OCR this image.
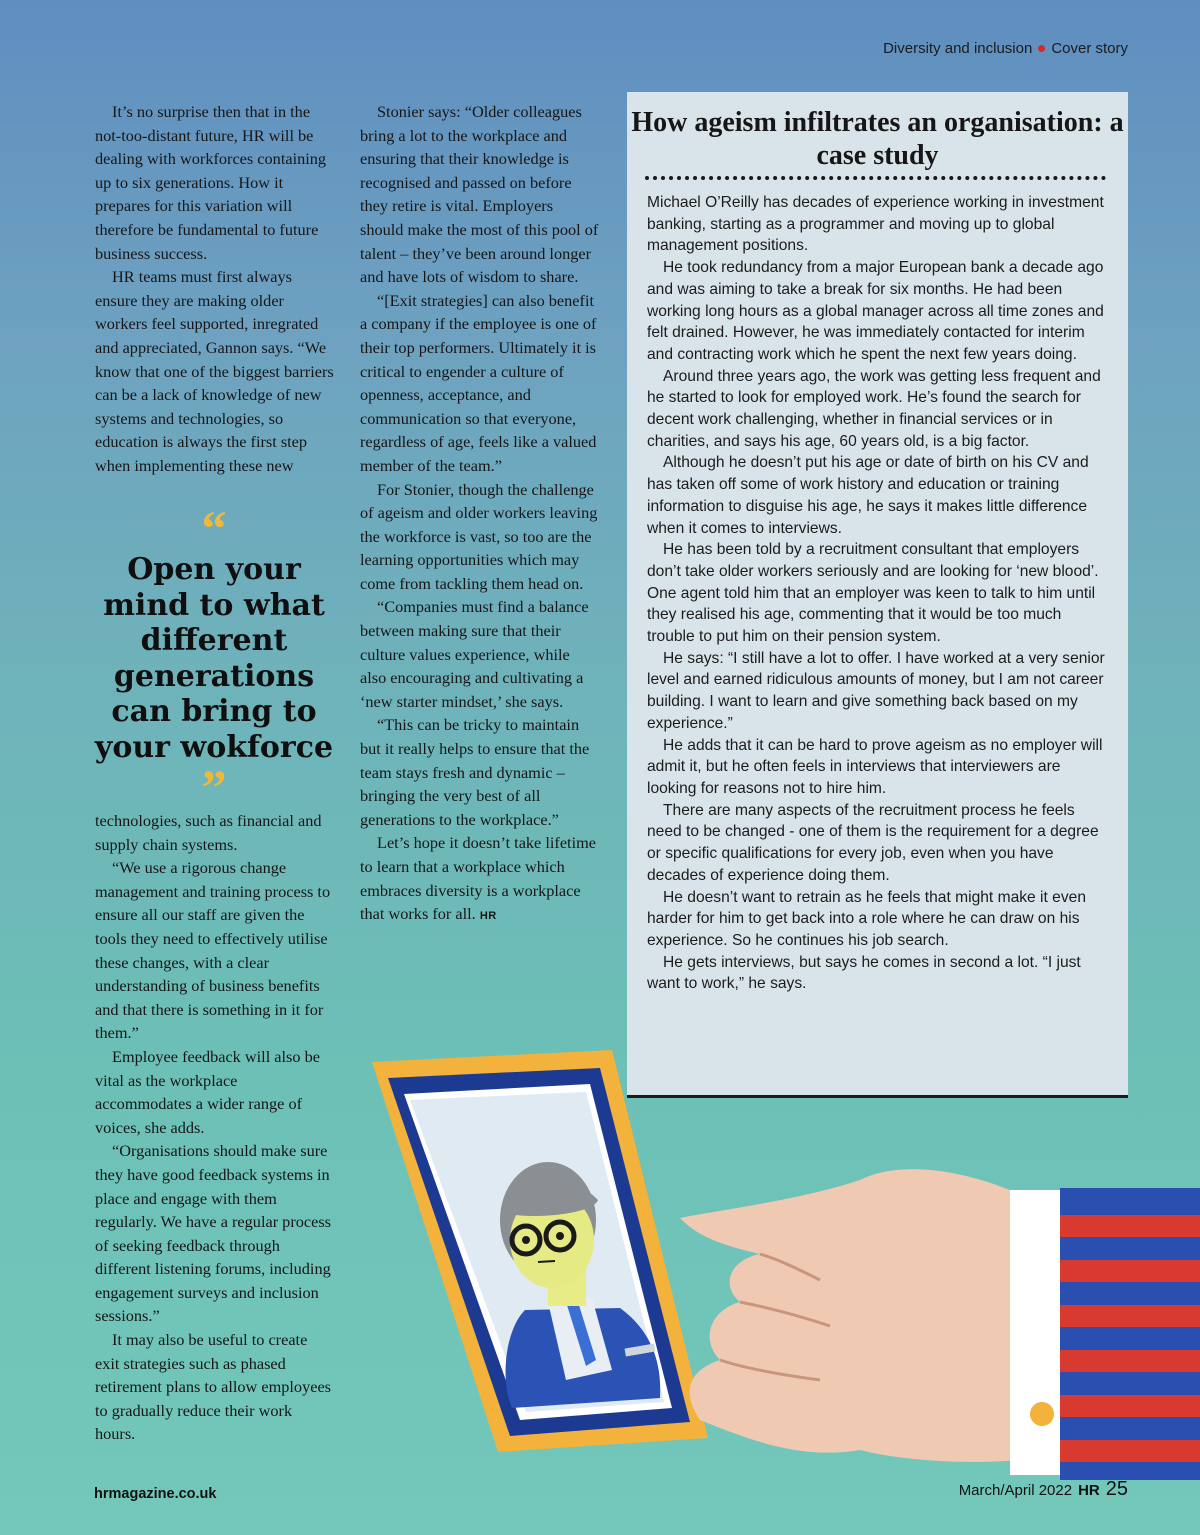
Diversity and inclusion Cover story

It’s no surprise then that in the not-too-distant future, HR will be dealing with workforces containing up to six generations. How it prepares for this variation will therefore be fundamental to future business success.

HR teams must first always ensure they are making older workers feel supported, inregrated and appreciated, Gannon says. “We know that one of the biggest barriers can be a lack of knowledge of new systems and technologies, so education is always the first step when implementing these new

“
Open your mind to what different generations can bring to your wokforce
”

technologies, such as financial and supply chain systems.

“We use a rigorous change management and training process to ensure all our staff are given the tools they need to effectively utilise these changes, with a clear understanding of business benefits and that there is something in it for them.”

Employee feedback will also be vital as the workplace accommodates a wider range of voices, she adds.

“Organisations should make sure they have good feedback systems in place and engage with them regularly. We have a regular process of seeking feedback through different listening forums, including engagement surveys and inclusion sessions.”

It may also be useful to create exit strategies such as phased retirement plans to allow employees to gradually reduce their work hours.

Stonier says: “Older colleagues bring a lot to the workplace and ensuring that their knowledge is recognised and passed on before they retire is vital. Employers should make the most of this pool of talent – they’ve been around longer and have lots of wisdom to share.

“[Exit strategies] can also benefit a company if the employee is one of their top performers. Ultimately it is critical to engender a culture of openness, acceptance, and communication so that everyone, regardless of age, feels like a valued member of the team.”

For Stonier, though the challenge of ageism and older workers leaving the workforce is vast, so too are the learning opportunities which may come from tackling them head on.

“Companies must find a balance between making sure that their culture values experience, while also encouraging and cultivating a ‘new starter mindset,’ she says.

“This can be tricky to maintain but it really helps to ensure that the team stays fresh and dynamic – bringing the very best of all generations to the workplace.”

Let’s hope it doesn’t take lifetime to learn that a workplace which embraces diversity is a workplace that works for all. HR

How ageism infiltrates an organisation: a case study

Michael O’Reilly has decades of experience working in investment banking, starting as a programmer and moving up to global management positions.

He took redundancy from a major European bank a decade ago and was aiming to take a break for six months. He had been working long hours as a global manager across all time zones and felt drained. However, he was immediately contacted for interim and contracting work which he spent the next few years doing.

Around three years ago, the work was getting less frequent and he started to look for employed work. He’s found the search for decent work challenging, whether in financial services or in charities, and says his age, 60 years old, is a big factor.

Although he doesn’t put his age or date of birth on his CV and has taken off some of work history and education or training information to disguise his age, he says it makes little difference when it comes to interviews.

He has been told by a recruitment consultant that employers don’t take older workers seriously and are looking for ‘new blood’. One agent told him that an employer was keen to talk to him until they realised his age, commenting that it would be too much trouble to put him on their pension system.

He says: “I still have a lot to offer. I have worked at a very senior level and earned ridiculous amounts of money, but I am not career building. I want to learn and give something back based on my experience.”

He adds that it can be hard to prove ageism as no employer will admit it, but he often feels in interviews that interviewers are looking for reasons not to hire him.

There are many aspects of the recruitment process he feels need to be changed - one of them is the requirement for a degree or specific qualifications for every job, even when you have decades of experience doing them.

He doesn’t want to retrain as he feels that might make it even harder for him to get back into a role where he can draw on his experience. So he continues his job search.

He gets interviews, but says he comes in second a lot. “I just want to work,” he says.

hrmagazine.co.uk	March/April 2022 HR 25
